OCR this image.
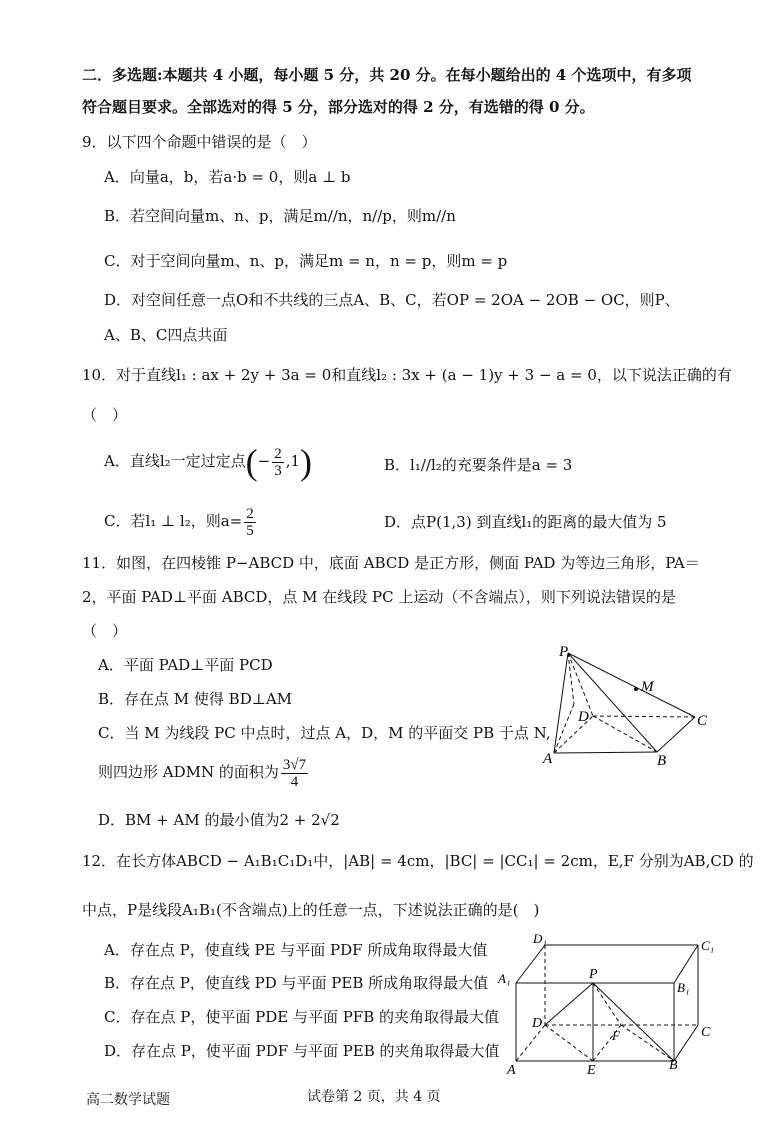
二．多选题:本题共 4 小题，每小题 5 分，共 20 分。在每小题给出的 4 个选项中，有多项
符合题目要求。全部选对的得 5 分，部分选对的得 2 分，有选错的得 0 分。
9．以下四个命题中错误的是（　）
A．向量a，b，若a·b = 0，则a ⊥ b
B．若空间向量m、n、p，满足m//n，n//p，则m//n
C．对于空间向量m、n、p，满足m = n，n = p，则m = p
D．对空间任意一点O和不共线的三点A、B、C，若OP = 2OA − 2OB − OC，则P、
A、B、C四点共面
10．对于直线l₁ : ax + 2y + 3a = 0和直线l₂ : 3x + (a − 1)y + 3 − a = 0，以下说法正确的有
（　）
A．直线l₂一定过定点(− $\frac{2}{3} ,1$)	B．l₁//l₂的充要条件是a = 3
C．若l₁ ⊥ l₂，则$a= \frac{2}{5}$	D．点P(1,3) 到直线l₁的距离的最大值为 5
11．如图，在四棱锥 P−ABCD 中，底面 ABCD 是正方形，侧面 PAD 为等边三角形，PA＝
2，平面 PAD⊥平面 ABCD，点 M 在线段 PC 上运动（不含端点），则下列说法错误的是
（　）
A．平面 PAD⊥平面 PCD
B．存在点 M 使得 BD⊥AM
C．当 M 为线段 PC 中点时，过点 A，D，M 的平面交 PB 于点 N,
则四边形 ADMN 的面积为 $\frac{3√7}{4}$
D．BM + AM 的最小值为2 + 2√2
P
M
D	C
A	B
12．在长方体ABCD − A₁B₁C₁D₁中，|AB| = 4cm，|BC| = |CC₁| = 2cm，E,F 分别为AB,CD 的
中点，P是线段A₁B₁(不含端点)上的任意一点，下述说法正确的是(　)
A．存在点 P，使直线 PE 与平面 PDF 所成角取得最大值
B．存在点 P，使直线 PD 与平面 PEB 所成角取得最大值
C．存在点 P，使平面 PDE 与平面 PFB 的夹角取得最大值
D．存在点 P，使平面 PDF 与平面 PEB 的夹角取得最大值
D₁	C₁
A₁
B₁
P
D
F	C
A	E	B
高二数学试题	试卷第 2 页，共 4 页
